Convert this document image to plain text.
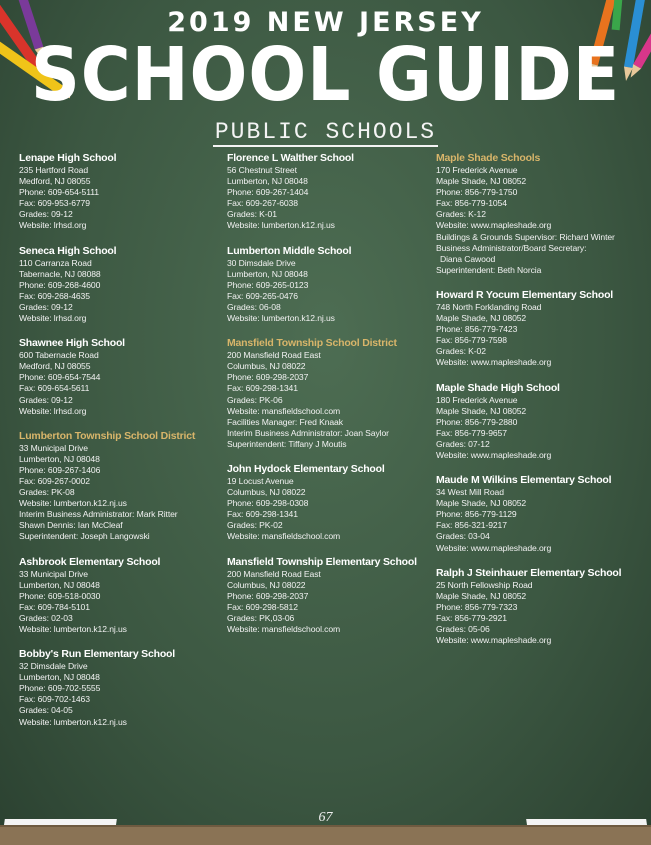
2019 NEW JERSEY
SCHOOL GUIDE
PUBLIC SCHOOLS
Lenape High School
235 Hartford Road
Medford, NJ 08055
Phone: 609-654-5111
Fax: 609-953-6779
Grades: 09-12
Website: lrhsd.org
Seneca High School
110 Carranza Road
Tabernacle, NJ 08088
Phone: 609-268-4600
Fax: 609-268-4635
Grades: 09-12
Website: lrhsd.org
Shawnee High School
600 Tabernacle Road
Medford, NJ 08055
Phone: 609-654-7544
Fax: 609-654-5611
Grades: 09-12
Website: lrhsd.org
Lumberton Township School District
33 Municipal Drive
Lumberton, NJ 08048
Phone: 609-267-1406
Fax: 609-267-0002
Grades: PK-08
Website: lumberton.k12.nj.us
Interim Business Administrator: Mark Ritter
Shawn Dennis: Ian McCleaf
Superintendent: Joseph Langowski
Ashbrook Elementary School
33 Municipal Drive
Lumberton, NJ 08048
Phone: 609-518-0030
Fax: 609-784-5101
Grades: 02-03
Website: lumberton.k12.nj.us
Bobby's Run Elementary School
32 Dimsdale Drive
Lumberton, NJ 08048
Phone: 609-702-5555
Fax: 609-702-1463
Grades: 04-05
Website: lumberton.k12.nj.us
Florence L Walther School
56 Chestnut Street
Lumberton, NJ 08048
Phone: 609-267-1404
Fax: 609-267-6038
Grades: K-01
Website: lumberton.k12.nj.us
Lumberton Middle School
30 Dimsdale Drive
Lumberton, NJ 08048
Phone: 609-265-0123
Fax: 609-265-0476
Grades: 06-08
Website: lumberton.k12.nj.us
Mansfield Township School District
200 Mansfield Road East
Columbus, NJ 08022
Phone: 609-298-2037
Fax: 609-298-1341
Grades: PK-06
Website: mansfieldschool.com
Facilities Manager: Fred Knaak
Interim Business Administrator: Joan Saylor
Superintendent: Tiffany J Moutis
John Hydock Elementary School
19 Locust Avenue
Columbus, NJ 08022
Phone: 609-298-0308
Fax: 609-298-1341
Grades: PK-02
Website: mansfieldschool.com
Mansfield Township Elementary School
200 Mansfield Road East
Columbus, NJ 08022
Phone: 609-298-2037
Fax: 609-298-5812
Grades: PK,03-06
Website: mansfieldschool.com
Maple Shade Schools
170 Frederick Avenue
Maple Shade, NJ 08052
Phone: 856-779-1750
Fax: 856-779-1054
Grades: K-12
Website: www.mapleshade.org
Buildings & Grounds Supervisor: Richard Winter
Business Administrator/Board Secretary:
Diana Cawood
Superintendent: Beth Norcia
Howard R Yocum Elementary School
748 North Forklanding Road
Maple Shade, NJ 08052
Phone: 856-779-7423
Fax: 856-779-7598
Grades: K-02
Website: www.mapleshade.org
Maple Shade High School
180 Frederick Avenue
Maple Shade, NJ 08052
Phone: 856-779-2880
Fax: 856-779-9657
Grades: 07-12
Website: www.mapleshade.org
Maude M Wilkins Elementary School
34 West Mill Road
Maple Shade, NJ 08052
Phone: 856-779-1129
Fax: 856-321-9217
Grades: 03-04
Website: www.mapleshade.org
Ralph J Steinhauer Elementary School
25 North Fellowship Road
Maple Shade, NJ 08052
Phone: 856-779-7323
Fax: 856-779-2921
Grades: 05-06
Website: www.mapleshade.org
67
